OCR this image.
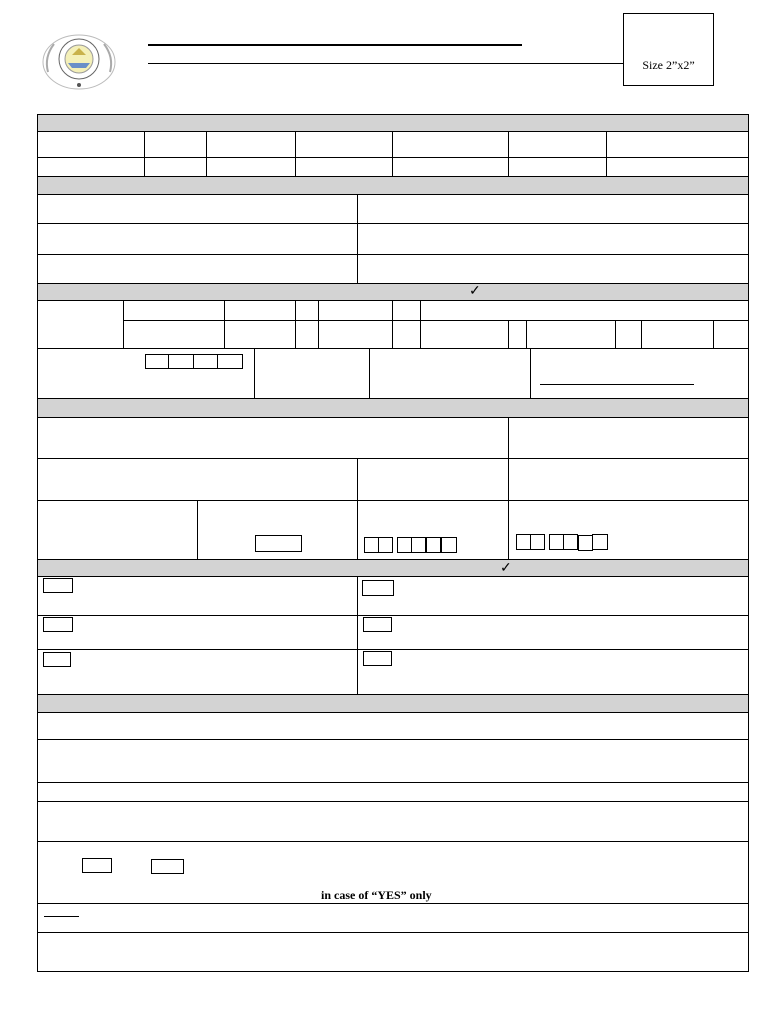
Size 2”x2”
✓
✓
in case of “YES” only
